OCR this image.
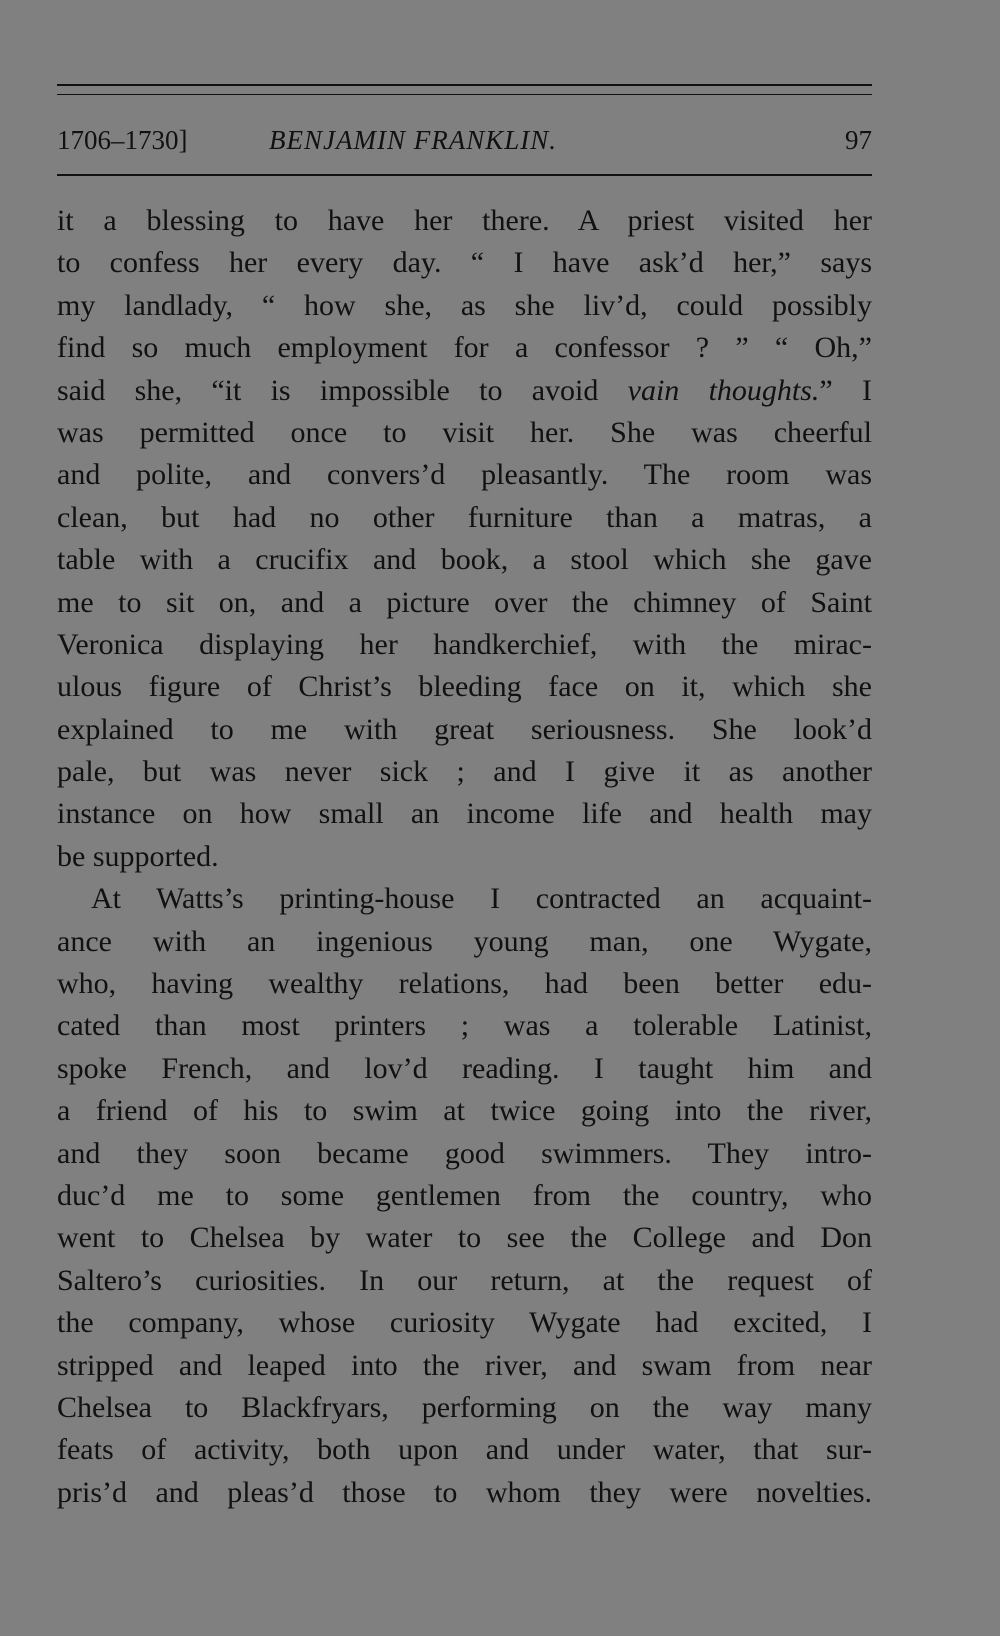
1706–1730]	BENJAMIN FRANKLIN.	97
it a blessing to have her there. A priest visited her
to confess her every day. “ I have ask’d her,” says
my landlady, “ how she, as she liv’d, could possibly
find so much employment for a confessor ? ” “ Oh,”
said she, “it is impossible to avoid vain thoughts.” I
was permitted once to visit her. She was cheerful
and polite, and convers’d pleasantly. The room was
clean, but had no other furniture than a matras, a
table with a crucifix and book, a stool which she gave
me to sit on, and a picture over the chimney of Saint
Veronica displaying her handkerchief, with the mirac-
ulous figure of Christ’s bleeding face on it, which she
explained to me with great seriousness. She look’d
pale, but was never sick ; and I give it as another
instance on how small an income life and health may
be supported.
At Watts’s printing-house I contracted an acquaint-
ance with an ingenious young man, one Wygate,
who, having wealthy relations, had been better edu-
cated than most printers ; was a tolerable Latinist,
spoke French, and lov’d reading. I taught him and
a friend of his to swim at twice going into the river,
and they soon became good swimmers. They intro-
duc’d me to some gentlemen from the country, who
went to Chelsea by water to see the College and Don
Saltero’s curiosities. In our return, at the request of
the company, whose curiosity Wygate had excited, I
stripped and leaped into the river, and swam from near
Chelsea to Blackfryars, performing on the way many
feats of activity, both upon and under water, that sur-
pris’d and pleas’d those to whom they were novelties.
